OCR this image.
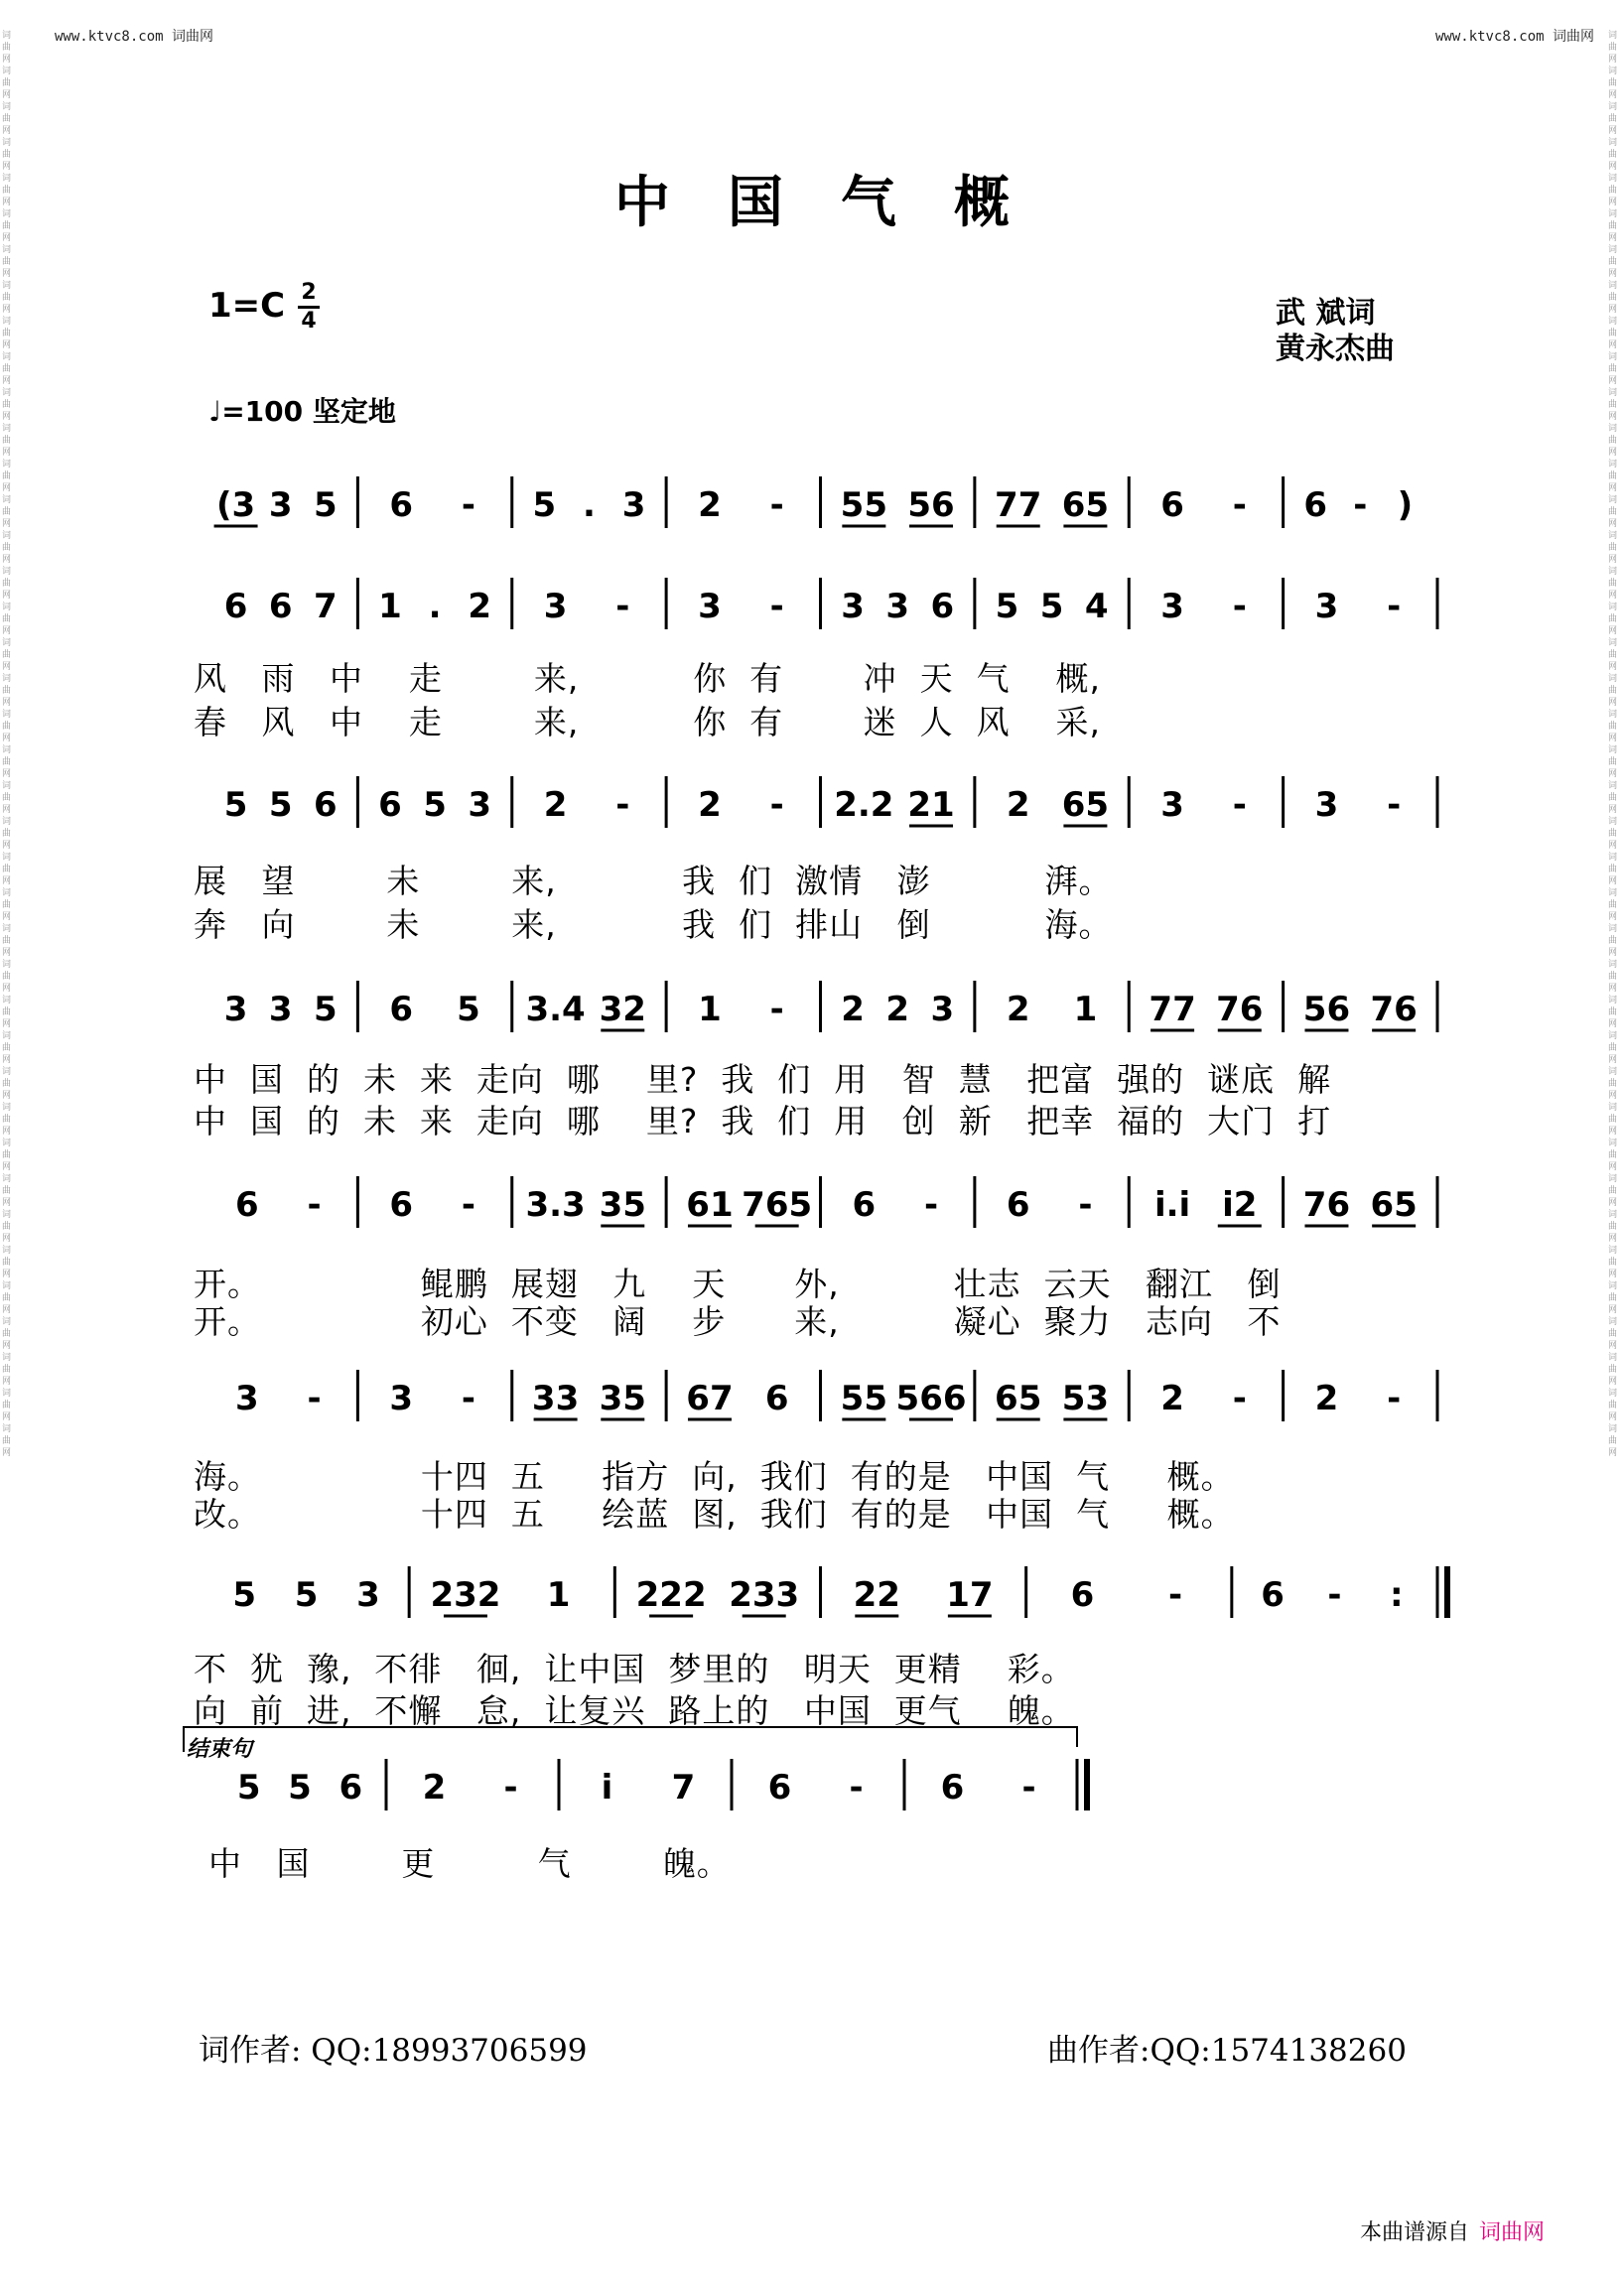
www.ktvc8.com 词曲网	www.ktvc8.com 词曲网
词曲网词曲网词曲网词曲网词曲网词曲网词曲网词曲网词曲网词曲网词曲网词曲网词曲网词曲网词曲网词曲网词曲网词曲网词曲网词曲网词曲网词曲网词曲网词曲网词曲网词曲网词曲网词曲网词曲网词曲网词曲网词曲网词曲网词曲网词曲网词曲网词曲网词曲网词曲网词曲网
词曲网词曲网词曲网词曲网词曲网词曲网词曲网词曲网词曲网词曲网词曲网词曲网词曲网词曲网词曲网词曲网词曲网词曲网词曲网词曲网词曲网词曲网词曲网词曲网词曲网词曲网词曲网词曲网词曲网词曲网词曲网词曲网词曲网词曲网词曲网词曲网词曲网词曲网词曲网词曲网
中国气概
1=C 2
4	武 斌词
黄永杰曲
♩=100 坚定地
(3 3 5 6 - 5 . 3 2 - 55 56 77 65 6 - 6 - )
6 6 7 1 . 2 3 - 3 - 3 3 6 5 5 4 3 - 3 -
5 5 6 6 5 3 2 - 2 - 2.2 21 2 65 3 - 3 -
3 3 5 6 5 3.4 32 1 - 2 2 3 2 1 77 76 56 76
6 - 6 - 3.3 35 61 765 6 - 6 - i.i i2 76 65
3 - 3 - 33 35 67 6 55 566 65 53 2 - 2 -
5 5 3 232 1 222 233 22 17 6 - 6 - :
5 5 6 2 - i 7 6 - 6 -
风   雨   中    走        来,          你  有       冲  天  气    概,
春   风   中    走        来,          你  有       迷  人  风    采,
展   望        未        来,           我  们  激情   澎          湃。
奔   向        未        来,           我  们  排山   倒          海。
中  国  的  未  来  走向  哪    里?  我  们  用   智  慧   把富  强的  谜底  解
中  国  的  未  来  走向  哪    里?  我  们  用   创  新   把幸  福的  大门  打
开。              鲲鹏  展翅   九    天      外,          壮志  云天   翻江   倒
开。              初心  不变   阔    步      来,          凝心  聚力   志向   不
海。              十四  五     指方  向,  我们  有的是   中国  气     概。
改。              十四  五     绘蓝  图,  我们  有的是   中国  气     概。
不  犹  豫,  不徘   徊,  让中国  梦里的   明天  更精    彩。
向  前  进,  不懈   怠,  让复兴  路上的   中国  更气    魄。
结束句
中   国        更         气        魄。
词作者: QQ:18993706599	曲作者:QQ:1574138260
本曲谱源自 词曲网
